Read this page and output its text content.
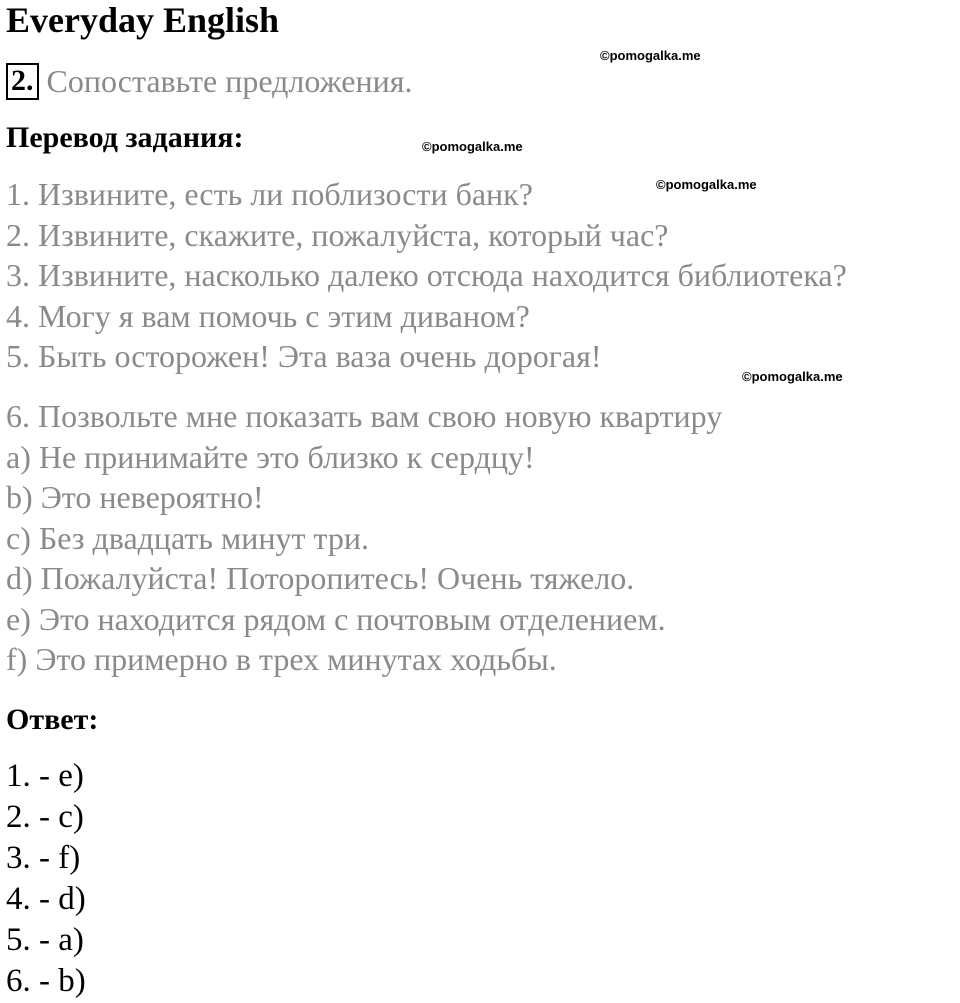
Everyday English
2. Сопоставьте предложения.
©pomogalka.me
Перевод задания:	©pomogalka.me
©pomogalka.me
©pomogalka.me
1. Извините, есть ли поблизости банк?
2. Извините, скажите, пожалуйста, который час?
3. Извините, насколько далеко отсюда находится библиотека?
4. Могу я вам помочь с этим диваном?
5. Быть осторожен! Эта ваза очень дорогая!
6. Позвольте мне показать вам свою новую квартиру
a) Не принимайте это близко к сердцу!
b) Это невероятно!
c) Без двадцать минут три.
d) Пожалуйста! Поторопитесь! Очень тяжело.
e) Это находится рядом с почтовым отделением.
f) Это примерно в трех минутах ходьбы.
Ответ:
1. - e)
2. - c)
3. - f)
4. - d)
5. - a)
6. - b)
